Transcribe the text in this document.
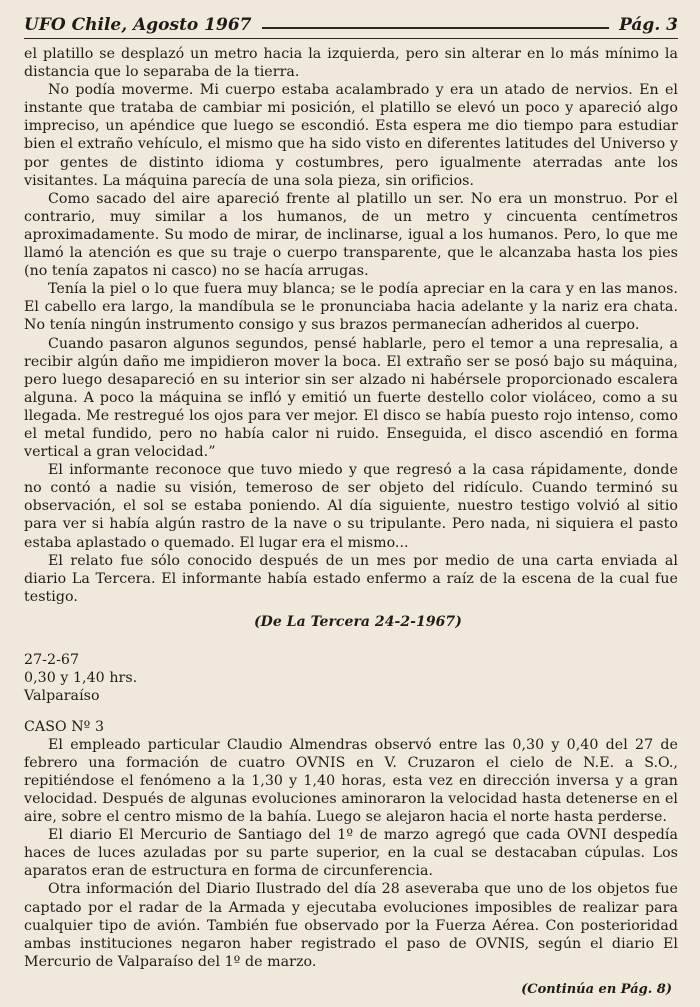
UFO Chile, Agosto 1967	Pág. 3

el platillo se desplazó un metro hacia la izquierda, pero sin alterar en lo más mínimo la distancia que lo separaba de la tierra.

No podía moverme. Mi cuerpo estaba acalambrado y era un atado de nervios. En el instante que trataba de cambiar mi posición, el platillo se elevó un poco y apareció algo impreciso, un apéndice que luego se escondió. Esta espera me dio tiempo para estudiar bien el extraño vehículo, el mismo que ha sido visto en diferentes latitudes del Universo y por gentes de distinto idioma y costumbres, pero igualmente aterradas ante los visitantes. La máquina parecía de una sola pieza, sin orificios.

Como sacado del aire apareció frente al platillo un ser. No era un monstruo. Por el contrario, muy similar a los humanos, de un metro y cincuenta centímetros aproximadamente. Su modo de mirar, de inclinarse, igual a los humanos. Pero, lo que me llamó la atención es que su traje o cuerpo transparente, que le alcanzaba hasta los pies (no tenía zapatos ni casco) no se hacía arrugas.

Tenía la piel o lo que fuera muy blanca; se le podía apreciar en la cara y en las manos. El cabello era largo, la mandíbula se le pronunciaba hacia adelante y la nariz era chata. No tenía ningún instrumento consigo y sus brazos permanecían adheridos al cuerpo.

Cuando pasaron algunos segundos, pensé hablarle, pero el temor a una represalia, a recibir algún daño me impidieron mover la boca. El extraño ser se posó bajo su máquina, pero luego desapareció en su interior sin ser alzado ni habérsele proporcionado escalera alguna. A poco la máquina se infló y emitió un fuerte destello color violáceo, como a su llegada. Me restregué los ojos para ver mejor. El disco se había puesto rojo intenso, como el metal fundido, pero no había calor ni ruido. Enseguida, el disco ascendió en forma vertical a gran velocidad.”

El informante reconoce que tuvo miedo y que regresó a la casa rápidamente, donde no contó a nadie su visión, temeroso de ser objeto del ridículo. Cuando terminó su observación, el sol se estaba poniendo. Al día siguiente, nuestro testigo volvió al sitio para ver si había algún rastro de la nave o su tripulante. Pero nada, ni siquiera el pasto estaba aplastado o quemado. El lugar era el mismo...

El relato fue sólo conocido después de un mes por medio de una carta enviada al diario La Tercera. El informante había estado enfermo a raíz de la escena de la cual fue testigo.

(De La Tercera 24-2-1967)
27-2-67
0,30 y 1,40 hrs.
Valparaíso
CASO Nº 3

El empleado particular Claudio Almendras observó entre las 0,30 y 0,40 del 27 de febrero una formación de cuatro OVNIS en V. Cruzaron el cielo de N.E. a S.O., repitiéndose el fenómeno a la 1,30 y 1,40 horas, esta vez en dirección inversa y a gran velocidad. Después de algunas evoluciones aminoraron la velocidad hasta detenerse en el aire, sobre el centro mismo de la bahía. Luego se alejaron hacia el norte hasta perderse.

El diario El Mercurio de Santiago del 1º de marzo agregó que cada OVNI despedía haces de luces azuladas por su parte superior, en la cual se destacaban cúpulas. Los aparatos eran de estructura en forma de circunferencia.

Otra información del Diario Ilustrado del día 28 aseveraba que uno de los objetos fue captado por el radar de la Armada y ejecutaba evoluciones imposibles de realizar para cualquier tipo de avión. También fue observado por la Fuerza Aérea. Con posterioridad ambas instituciones negaron haber registrado el paso de OVNIS, según el diario El Mercurio de Valparaíso del 1º de marzo.

(Continúa en Pág. 8)
